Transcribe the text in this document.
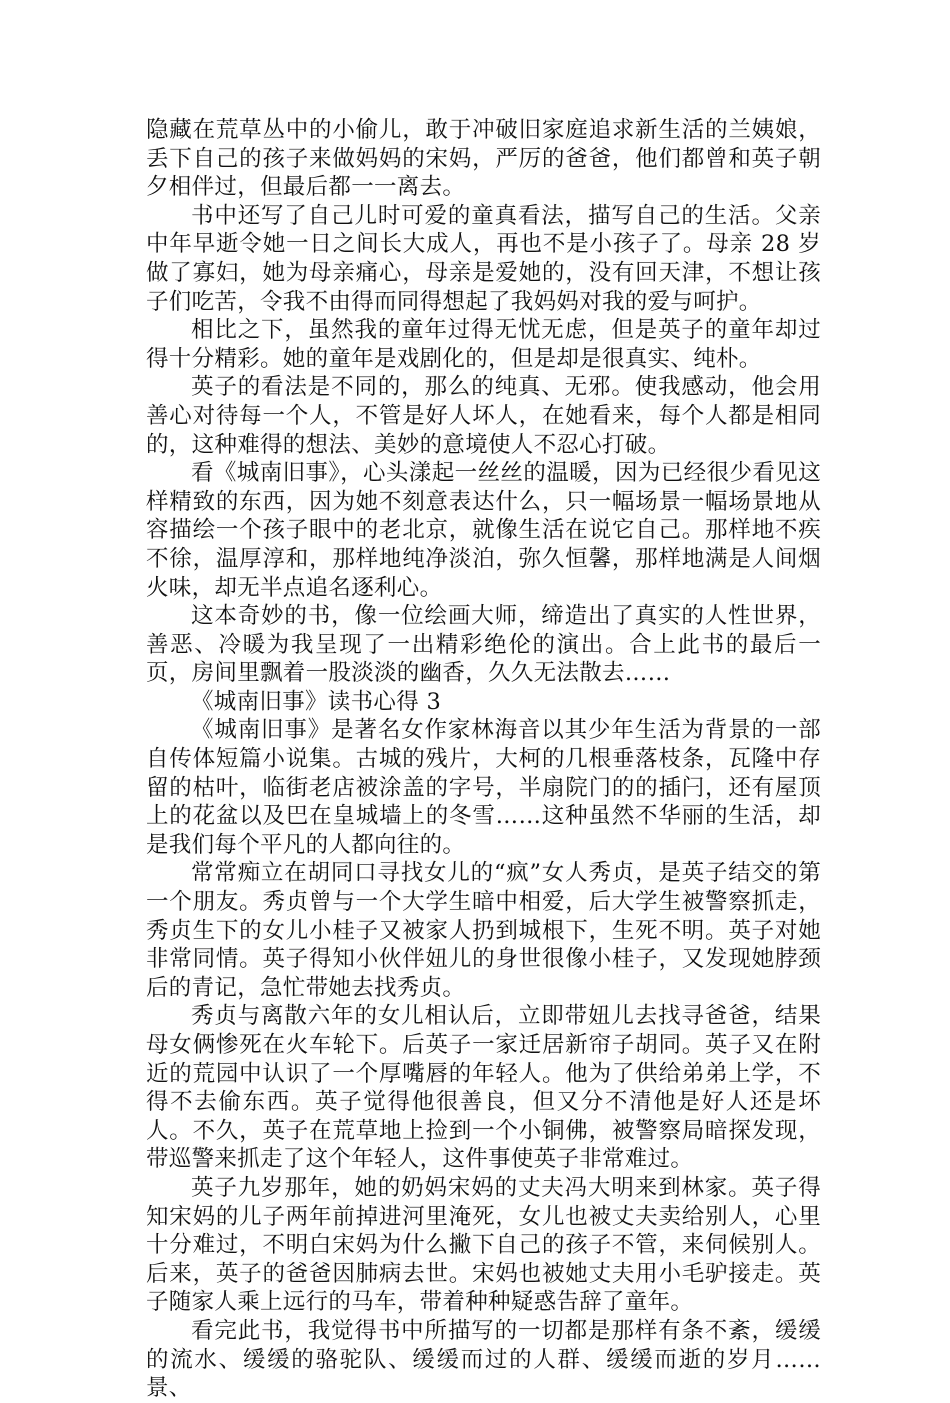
隐藏在荒草丛中的小偷儿，敢于冲破旧家庭追求新生活的兰姨娘，丢下自己的孩子来做妈妈的宋妈，严厉的爸爸，他们都曾和英子朝夕相伴过，但最后都一一离去。

书中还写了自己儿时可爱的童真看法，描写自己的生活。父亲中年早逝令她一日之间长大成人，再也不是小孩子了。母亲 28 岁做了寡妇，她为母亲痛心，母亲是爱她的，没有回天津，不想让孩子们吃苦，令我不由得而同得想起了我妈妈对我的爱与呵护。

相比之下，虽然我的童年过得无忧无虑，但是英子的童年却过得十分精彩。她的童年是戏剧化的，但是却是很真实、纯朴。

英子的看法是不同的，那么的纯真、无邪。使我感动，他会用善心对待每一个人，不管是好人坏人，在她看来，每个人都是相同的，这种难得的想法、美妙的意境使人不忍心打破。

看《城南旧事》，心头漾起一丝丝的温暖，因为已经很少看见这样精致的东西，因为她不刻意表达什么，只一幅场景一幅场景地从容描绘一个孩子眼中的老北京，就像生活在说它自己。那样地不疾不徐，温厚淳和，那样地纯净淡泊，弥久恒馨，那样地满是人间烟火味，却无半点追名逐利心。

这本奇妙的书，像一位绘画大师，缔造出了真实的人性世界，善恶、冷暖为我呈现了一出精彩绝伦的演出。合上此书的最后一页，房间里飘着一股淡淡的幽香，久久无法散去……

《城南旧事》读书心得 3

《城南旧事》是著名女作家林海音以其少年生活为背景的一部自传体短篇小说集。古城的残片，大柯的几根垂落枝条，瓦隆中存留的枯叶，临街老店被涂盖的字号，半扇院门的的插闩，还有屋顶上的花盆以及巴在皇城墙上的冬雪……这种虽然不华丽的生活，却是我们每个平凡的人都向往的。

常常痴立在胡同口寻找女儿的“疯”女人秀贞，是英子结交的第一个朋友。秀贞曾与一个大学生暗中相爱，后大学生被警察抓走，秀贞生下的女儿小桂子又被家人扔到城根下，生死不明。英子对她非常同情。英子得知小伙伴妞儿的身世很像小桂子，又发现她脖颈后的青记，急忙带她去找秀贞。

秀贞与离散六年的女儿相认后，立即带妞儿去找寻爸爸，结果母女俩惨死在火车轮下。后英子一家迁居新帘子胡同。英子又在附近的荒园中认识了一个厚嘴唇的年轻人。他为了供给弟弟上学，不得不去偷东西。英子觉得他很善良，但又分不清他是好人还是坏人。不久，英子在荒草地上捡到一个小铜佛，被警察局暗探发现，带巡警来抓走了这个年轻人，这件事使英子非常难过。

英子九岁那年，她的奶妈宋妈的丈夫冯大明来到林家。英子得知宋妈的儿子两年前掉进河里淹死，女儿也被丈夫卖给别人，心里十分难过，不明白宋妈为什么撇下自己的孩子不管，来伺候别人。后来，英子的爸爸因肺病去世。宋妈也被她丈夫用小毛驴接走。英子随家人乘上远行的马车，带着种种疑惑告辞了童年。

看完此书，我觉得书中所描写的一切都是那样有条不紊，缓缓的流水、缓缓的骆驼队、缓缓而过的人群、缓缓而逝的岁月……景、
